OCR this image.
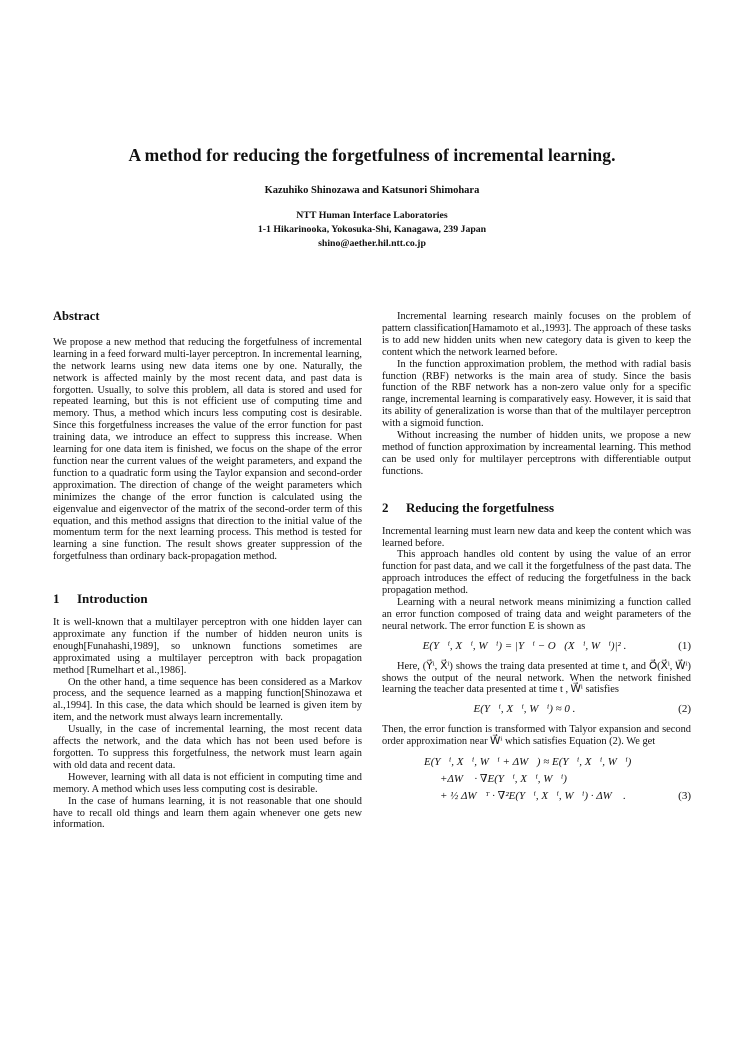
A method for reducing the forgetfulness of incremental learning.
Kazuhiko Shinozawa and Katsunori Shimohara
NTT Human Interface Laboratories
1-1 Hikarinooka, Yokosuka-Shi, Kanagawa, 239 Japan
shino@aether.hil.ntt.co.jp
Abstract

We propose a new method that reducing the forgetfulness of incremental learning in a feed forward multi-layer perceptron. In incremental learning, the network learns using new data items one by one. Naturally, the network is affected mainly by the most recent data, and past data is forgotten. Usually, to solve this problem, all data is stored and used for repeated learning, but this is not efficient use of computing time and memory. Thus, a method which incurs less computing cost is desirable. Since this forgetfulness increases the value of the error function for past training data, we introduce an effect to suppress this increase. When learning for one data item is finished, we focus on the shape of the error function near the current values of the weight parameters, and expand the function to a quadratic form using the Taylor expansion and second-order approximation. The direction of change of the weight parameters which minimizes the change of the error function is calculated using the eigenvalue and eigenvector of the matrix of the second-order term of this equation, and this method assigns that direction to the initial value of the momentum term for the next learning process. This method is tested for learning a sine function. The result shows greater suppression of the forgetfulness than ordinary back-propagation method.

1 Introduction

It is well-known that a multilayer perceptron with one hidden layer can approximate any function if the number of hidden neuron units is enough[Funahashi,1989], so unknown functions sometimes are approximated using a multilayer perceptron with back propagation method [Rumelhart et al.,1986].

On the other hand, a time sequence has been considered as a Markov process, and the sequence learned as a mapping function[Shinozawa et al.,1994]. In this case, the data which should be learned is given item by item, and the network must always learn incrementally.

Usually, in the case of incremental learning, the most recent data affects the network, and the data which has not been used before is forgotten. To suppress this forgetfulness, the network must learn again with old data and recent data.

However, learning with all data is not efficient in computing time and memory. A method which uses less computing cost is desirable.

In the case of humans learning, it is not reasonable that one should have to recall old things and learn them again whenever one gets new information.

Incremental learning research mainly focuses on the problem of pattern classification[Hamamoto et al.,1993]. The approach of these tasks is to add new hidden units when new category data is given to keep the content which the network learned before.

In the function approximation problem, the method with radial basis function (RBF) networks is the main area of study. Since the basis function of the RBF network has a non-zero value only for a specific range, incremental learning is comparatively easy. However, it is said that its ability of generalization is worse than that of the multilayer perceptron with a sigmoid function.

Without increasing the number of hidden units, we propose a new method of function approximation by increamental learning. This method can be used only for multilayer perceptrons with differentiable output functions.

2 Reducing the forgetfulness

Incremental learning must learn new data and keep the content which was learned before.

This approach handles old content by using the value of an error function for past data, and we call it the forgetfulness of the past data. The approach introduces the effect of reducing the forgetfulness in the back propagation method.

Learning with a neural network means minimizing a function called an error function composed of traing data and weight parameters of the neural network. The error function E is shown as

E(Y⃗ⁱ, X⃗ⁱ, W⃗ⁱ) = |Y⃗ⁱ − O⃗(X⃗ⁱ, W⃗ⁱ)|² .	(1)

Here, (Y⃗ⁱ, X⃗ⁱ) shows the traing data presented at time t, and O⃗(X⃗ⁱ, W⃗ⁱ) shows the output of the neural network. When the network finished learning the teacher data presented at time t , W⃗ⁱ satisfies

E(Y⃗ⁱ, X⃗ⁱ, W⃗ⁱ) ≈ 0 .	(2)

Then, the error function is transformed with Talyor expansion and second order approximation near W⃗ⁱ which satisfies Equation (2). We get

E(Y⃗ⁱ, X⃗ⁱ, W⃗ⁱ + ΔW⃗) ≈ E(Y⃗ⁱ, X⃗ⁱ, W⃗ⁱ)
+ΔW⃗ · ∇E(Y⃗ⁱ, X⃗ⁱ, W⃗ⁱ)
+ ½ ΔW⃗ᵀ · ∇²E(Y⃗ⁱ, X⃗ⁱ, W⃗ⁱ) · ΔW⃗ .	(3)
